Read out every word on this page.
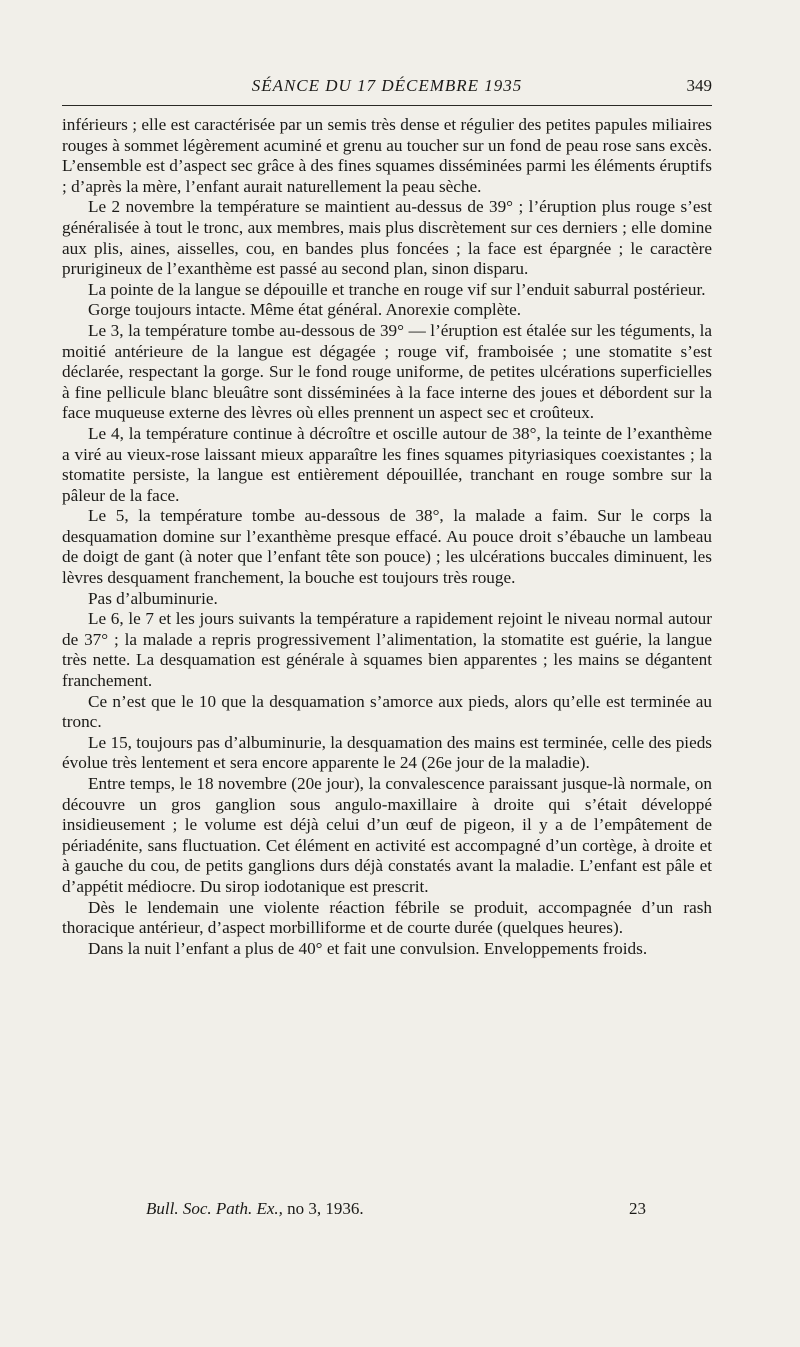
SÉANCE DU 17 DÉCEMBRE 1935	349

inférieurs ; elle est caractérisée par un semis très dense et régulier des petites papules miliaires rouges à sommet légèrement acuminé et grenu au toucher sur un fond de peau rose sans excès. L’ensemble est d’aspect sec grâce à des fines squames disséminées parmi les éléments éruptifs ; d’après la mère, l’enfant aurait naturellement la peau sèche.

Le 2 novembre la température se maintient au-dessus de 39° ; l’éruption plus rouge s’est généralisée à tout le tronc, aux membres, mais plus discrètement sur ces derniers ; elle domine aux plis, aines, aisselles, cou, en bandes plus foncées ; la face est épargnée ; le caractère prurigineux de l’exanthème est passé au second plan, sinon disparu.

La pointe de la langue se dépouille et tranche en rouge vif sur l’enduit saburral postérieur.

Gorge toujours intacte. Même état général. Anorexie complète.

Le 3, la température tombe au-dessous de 39° — l’éruption est étalée sur les téguments, la moitié antérieure de la langue est dégagée ; rouge vif, framboisée ; une stomatite s’est déclarée, respectant la gorge. Sur le fond rouge uniforme, de petites ulcérations superficielles à fine pellicule blanc bleuâtre sont disséminées à la face interne des joues et débordent sur la face muqueuse externe des lèvres où elles prennent un aspect sec et croûteux.

Le 4, la température continue à décroître et oscille autour de 38°, la teinte de l’exanthème a viré au vieux-rose laissant mieux apparaître les fines squames pityriasiques coexistantes ; la stomatite persiste, la langue est entièrement dépouillée, tranchant en rouge sombre sur la pâleur de la face.

Le 5, la température tombe au-dessous de 38°, la malade a faim. Sur le corps la desquamation domine sur l’exanthème presque effacé. Au pouce droit s’ébauche un lambeau de doigt de gant (à noter que l’enfant tête son pouce) ; les ulcérations buccales diminuent, les lèvres desquament franchement, la bouche est toujours très rouge.

Pas d’albuminurie.

Le 6, le 7 et les jours suivants la température a rapidement rejoint le niveau normal autour de 37° ; la malade a repris progressivement l’alimentation, la stomatite est guérie, la langue très nette. La desquamation est générale à squames bien apparentes ; les mains se dégantent franchement.

Ce n’est que le 10 que la desquamation s’amorce aux pieds, alors qu’elle est terminée au tronc.

Le 15, toujours pas d’albuminurie, la desquamation des mains est terminée, celle des pieds évolue très lentement et sera encore apparente le 24 (26e jour de la maladie).

Entre temps, le 18 novembre (20e jour), la convalescence paraissant jusque-là normale, on découvre un gros ganglion sous angulo-maxillaire à droite qui s’était développé insidieusement ; le volume est déjà celui d’un œuf de pigeon, il y a de l’empâtement de périadénite, sans fluctuation. Cet élément en activité est accompagné d’un cortège, à droite et à gauche du cou, de petits ganglions durs déjà constatés avant la maladie. L’enfant est pâle et d’appétit médiocre. Du sirop iodotanique est prescrit.

Dès le lendemain une violente réaction fébrile se produit, accompagnée d’un rash thoracique antérieur, d’aspect morbilliforme et de courte durée (quelques heures).

Dans la nuit l’enfant a plus de 40° et fait une convulsion. Enveloppements froids.

Bull. Soc. Path. Ex., no 3, 1936.	23
